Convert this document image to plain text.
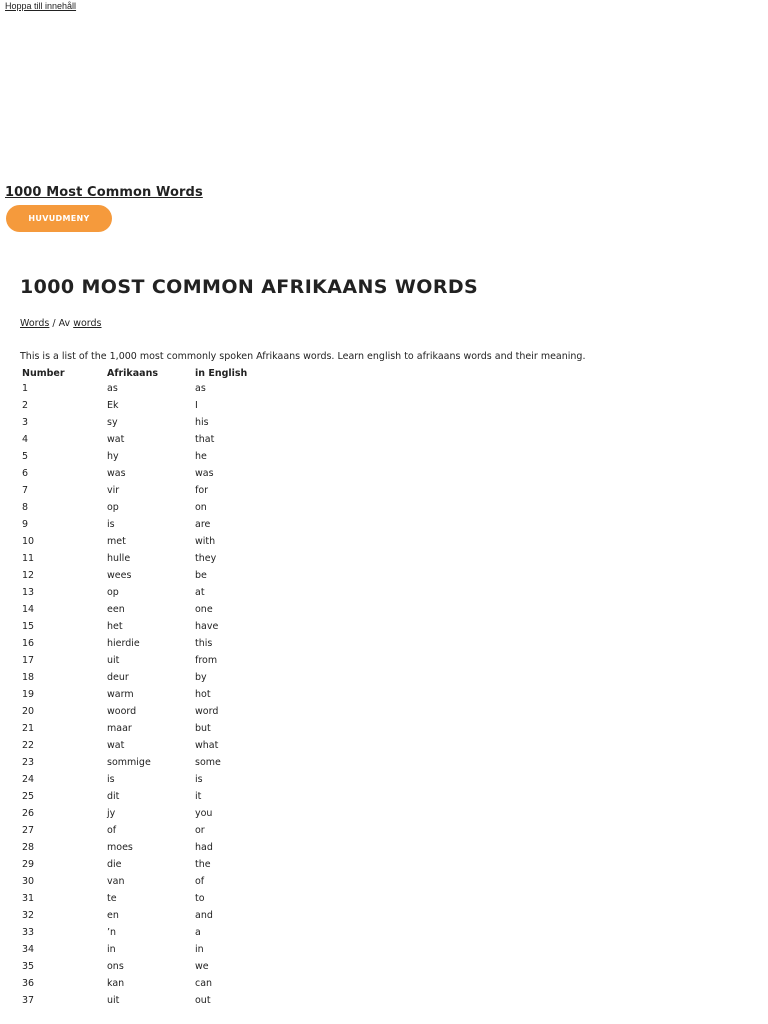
Hoppa till innehåll
1000 Most Common Words
HUVUDMENY
1000 MOST COMMON AFRIKAANS WORDS
Words / Av words

This is a list of the 1,000 most commonly spoken Afrikaans words. Learn english to afrikaans words and their meaning.

Number	Afrikaans	in English
1	as	as
2	Ek	I
3	sy	his
4	wat	that
5	hy	he
6	was	was
7	vir	for
8	op	on
9	is	are
10	met	with
11	hulle	they
12	wees	be
13	op	at
14	een	one
15	het	have
16	hierdie	this
17	uit	from
18	deur	by
19	warm	hot
20	woord	word
21	maar	but
22	wat	what
23	sommige	some
24	is	is
25	dit	it
26	jy	you
27	of	or
28	moes	had
29	die	the
30	van	of
31	te	to
32	en	and
33	’n	a
34	in	in
35	ons	we
36	kan	can
37	uit	out
